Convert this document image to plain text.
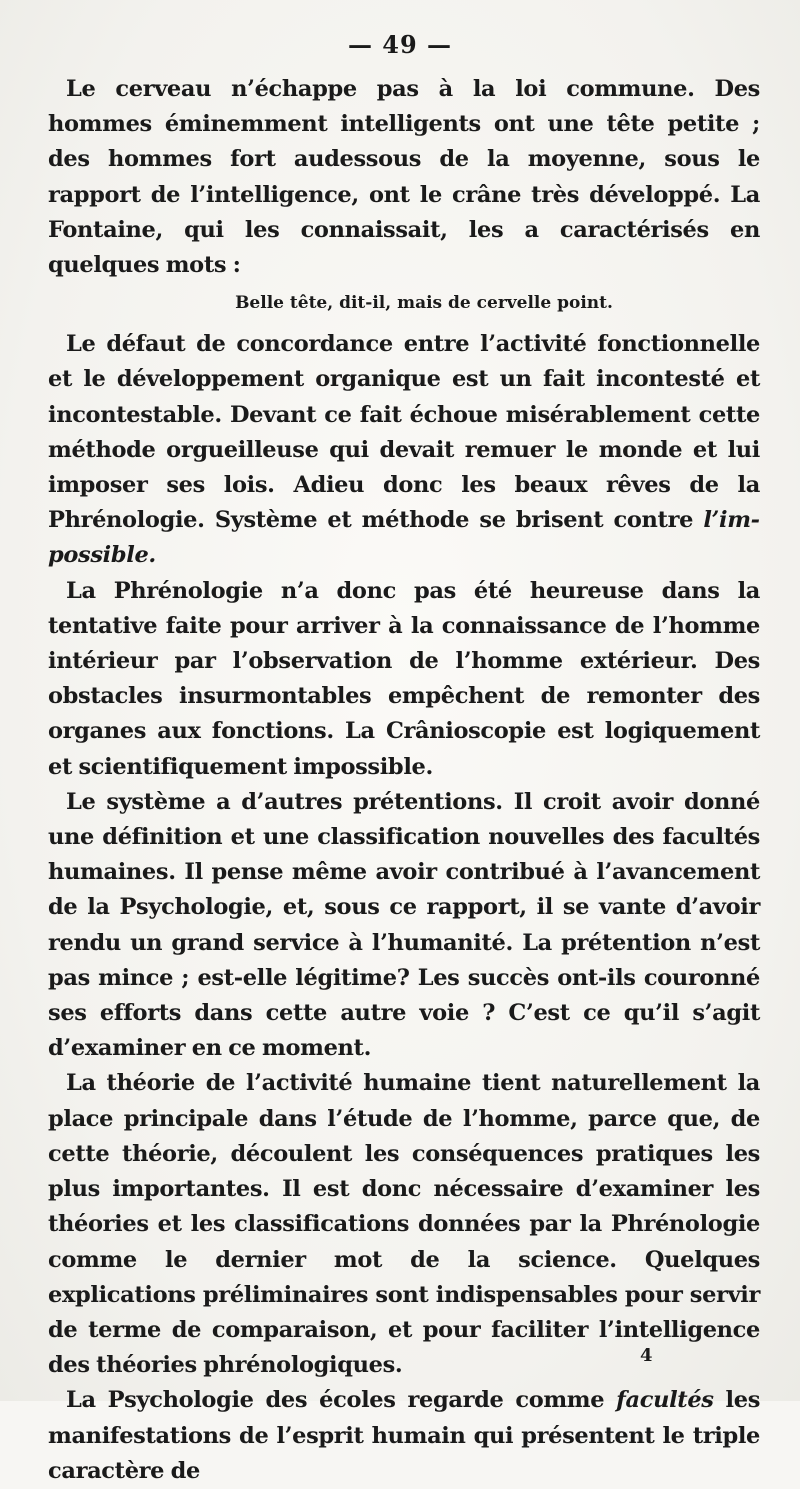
— 49 —

Le cerveau n’échappe pas à la loi commune. Des hommes éminemment intelligents ont une tête petite ; des hommes fort audessous de la moyenne, sous le rapport de l’intelligence, ont le crâne très développé. La Fontaine, qui les connaissait, les a caractérisés en quelques mots :

Belle tête, dit-il, mais de cervelle point.

Le défaut de concordance entre l’activité fonctionnelle et le développement organique est un fait incontesté et incontestable. Devant ce fait échoue misérablement cette méthode orgueilleuse qui devait remuer le monde et lui imposer ses lois. Adieu donc les beaux rêves de la Phrénologie. Système et méthode se brisent contre l’impossible.

La Phrénologie n’a donc pas été heureuse dans la tentative faite pour arriver à la connaissance de l’homme intérieur par l’observation de l’homme extérieur. Des obstacles insurmontables empêchent de remonter des organes aux fonctions. La Crânioscopie est logiquement et scientifiquement impossible.

Le système a d’autres prétentions. Il croit avoir donné une définition et une classification nouvelles des facultés humaines. Il pense même avoir contribué à l’avancement de la Psychologie, et, sous ce rapport, il se vante d’avoir rendu un grand service à l’humanité. La prétention n’est pas mince ; est-elle légitime? Les succès ont-ils couronné ses efforts dans cette autre voie ? C’est ce qu’il s’agit d’examiner en ce moment.

La théorie de l’activité humaine tient naturellement la place principale dans l’étude de l’homme, parce que, de cette théorie, découlent les conséquences pratiques les plus importantes. Il est donc nécessaire d’examiner les théories et les classifications données par la Phrénologie comme le dernier mot de la science. Quelques explications préliminaires sont indispensables pour servir de terme de comparaison, et pour faciliter l’intelligence des théories phrénologiques.

La Psychologie des écoles regarde comme facultés les manifestations de l’esprit humain qui présentent le triple caractère de

4
